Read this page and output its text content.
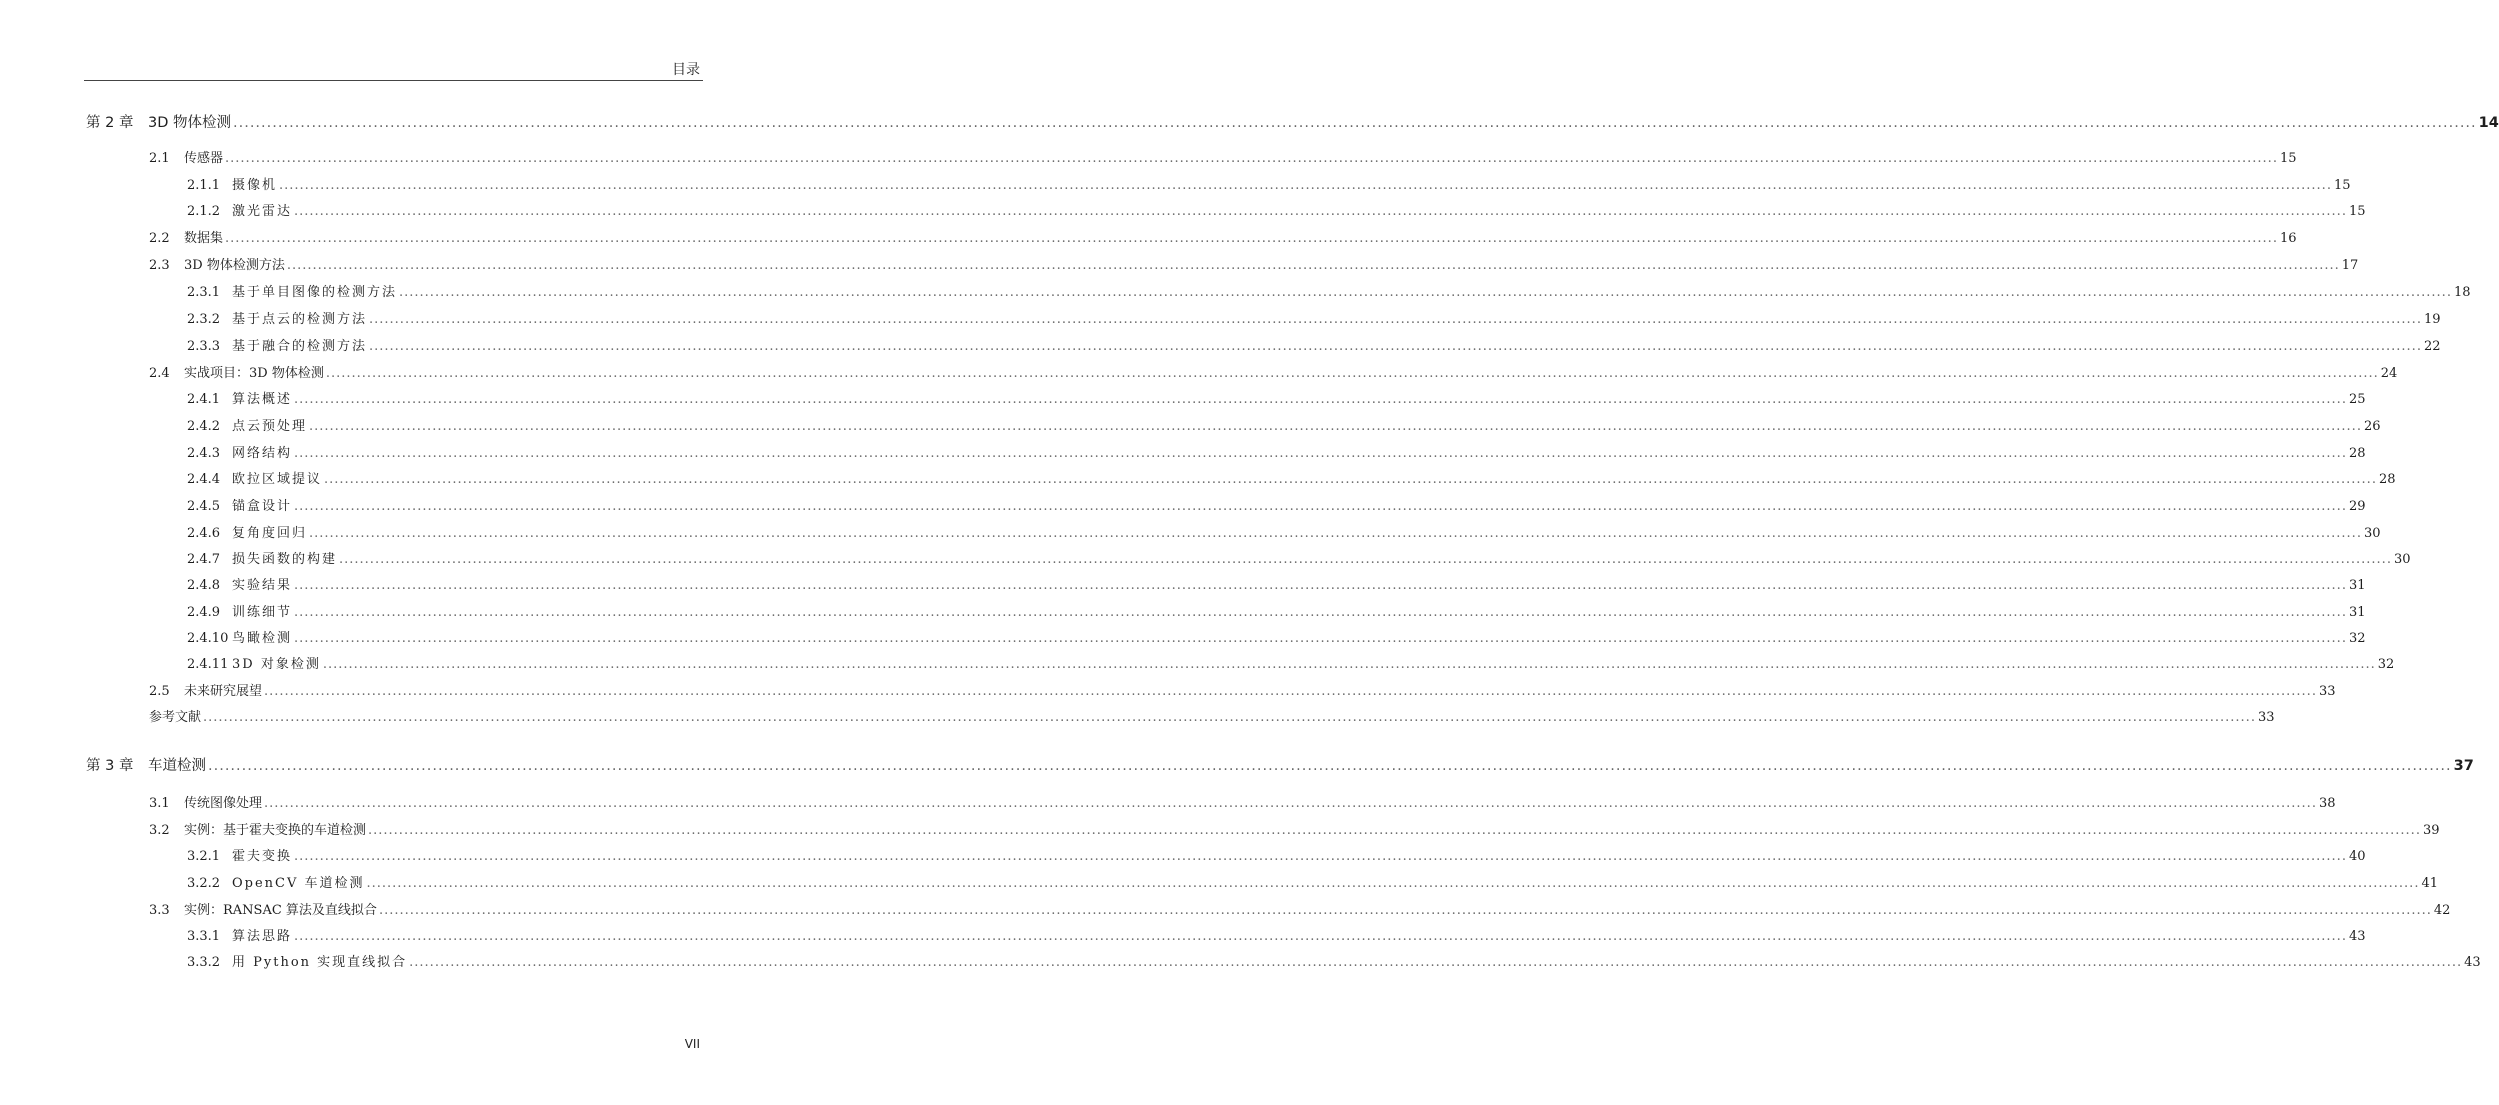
目录
第 2 章	3D 物体检测 ................................................................................................................................................................................................................................................................................................................................................................................................................ 14
2.1	传感器 ................................................................................................................................................................................................................................................................................................................................................................................................................ 15
2.1.1 摄像机 ................................................................................................................................................................................................................................................................................................................................................................................................................ 15
2.1.2 激光雷达 ................................................................................................................................................................................................................................................................................................................................................................................................................ 15
2.2	数据集 ................................................................................................................................................................................................................................................................................................................................................................................................................ 16
2.3	3D 物体检测方法 ................................................................................................................................................................................................................................................................................................................................................................................................................ 17
2.3.1 基于单目图像的检测方法 ................................................................................................................................................................................................................................................................................................................................................................................................................ 18
2.3.2 基于点云的检测方法 ................................................................................................................................................................................................................................................................................................................................................................................................................ 19
2.3.3 基于融合的检测方法 ................................................................................................................................................................................................................................................................................................................................................................................................................ 22
2.4	实战项目：3D 物体检测 ................................................................................................................................................................................................................................................................................................................................................................................................................ 24
2.4.1 算法概述 ................................................................................................................................................................................................................................................................................................................................................................................................................ 25
2.4.2 点云预处理 ................................................................................................................................................................................................................................................................................................................................................................................................................ 26
2.4.3 网络结构 ................................................................................................................................................................................................................................................................................................................................................................................................................ 28
2.4.4 欧拉区域提议 ................................................................................................................................................................................................................................................................................................................................................................................................................ 28
2.4.5 锚盒设计 ................................................................................................................................................................................................................................................................................................................................................................................................................ 29
2.4.6 复角度回归 ................................................................................................................................................................................................................................................................................................................................................................................................................ 30
2.4.7 损失函数的构建 ................................................................................................................................................................................................................................................................................................................................................................................................................ 30
2.4.8 实验结果 ................................................................................................................................................................................................................................................................................................................................................................................................................ 31
2.4.9 训练细节 ................................................................................................................................................................................................................................................................................................................................................................................................................ 31
2.4.10 鸟瞰检测 ................................................................................................................................................................................................................................................................................................................................................................................................................ 32
2.4.11 3D 对象检测 ................................................................................................................................................................................................................................................................................................................................................................................................................ 32
2.5	未来研究展望 ................................................................................................................................................................................................................................................................................................................................................................................................................ 33
参考文献 ................................................................................................................................................................................................................................................................................................................................................................................................................ 33
第 3 章	车道检测 ................................................................................................................................................................................................................................................................................................................................................................................................................ 37
3.1	传统图像处理 ................................................................................................................................................................................................................................................................................................................................................................................................................ 38
3.2	实例：基于霍夫变换的车道检测 ................................................................................................................................................................................................................................................................................................................................................................................................................ 39
3.2.1 霍夫变换 ................................................................................................................................................................................................................................................................................................................................................................................................................ 40
3.2.2 OpenCV 车道检测 ................................................................................................................................................................................................................................................................................................................................................................................................................ 41
3.3	实例：RANSAC 算法及直线拟合 ................................................................................................................................................................................................................................................................................................................................................................................................................ 42
3.3.1 算法思路 ................................................................................................................................................................................................................................................................................................................................................................................................................ 43
3.3.2 用 Python 实现直线拟合 ................................................................................................................................................................................................................................................................................................................................................................................................................ 43
VII
